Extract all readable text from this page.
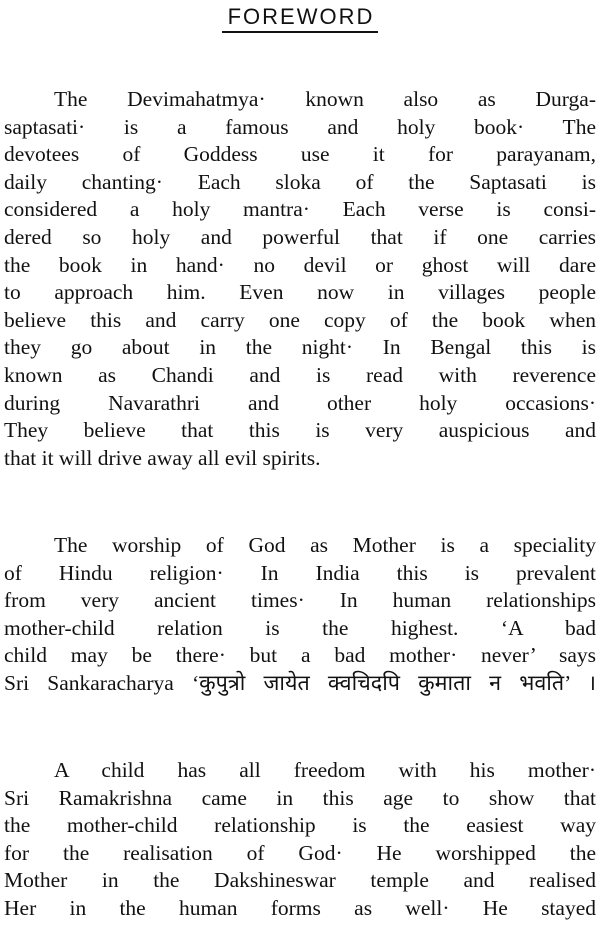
FOREWORD
The Devimahatmya· known also as Durga-
saptasati· is a famous and holy book· The
devotees of Goddess use it for parayanam,
daily chanting· Each sloka of the Saptasati is
considered a holy mantra· Each verse is consi-
dered so holy and powerful that if one carries
the book in hand· no devil or ghost will dare
to approach him. Even now in villages people
believe this and carry one copy of the book when
they go about in the night· In Bengal this is
known as Chandi and is read with reverence
during Navarathri and other holy occasions·
They believe that this is very auspicious and
that it will drive away all evil spirits.
The worship of God as Mother is a speciality
of Hindu religion· In India this is prevalent
from very ancient times· In human relationships
mother-child relation is the highest. ‘A bad
child may be there· but a bad mother· never’ says
Sri Sankaracharya ‘कुपुत्रो जायेत क्वचिदपि कुमाता न भवति’ ।
A child has all freedom with his mother·
Sri Ramakrishna came in this age to show that
the mother-child relationship is the easiest way
for the realisation of God· He worshipped the
Mother in the Dakshineswar temple and realised
Her in the human forms as well· He stayed
